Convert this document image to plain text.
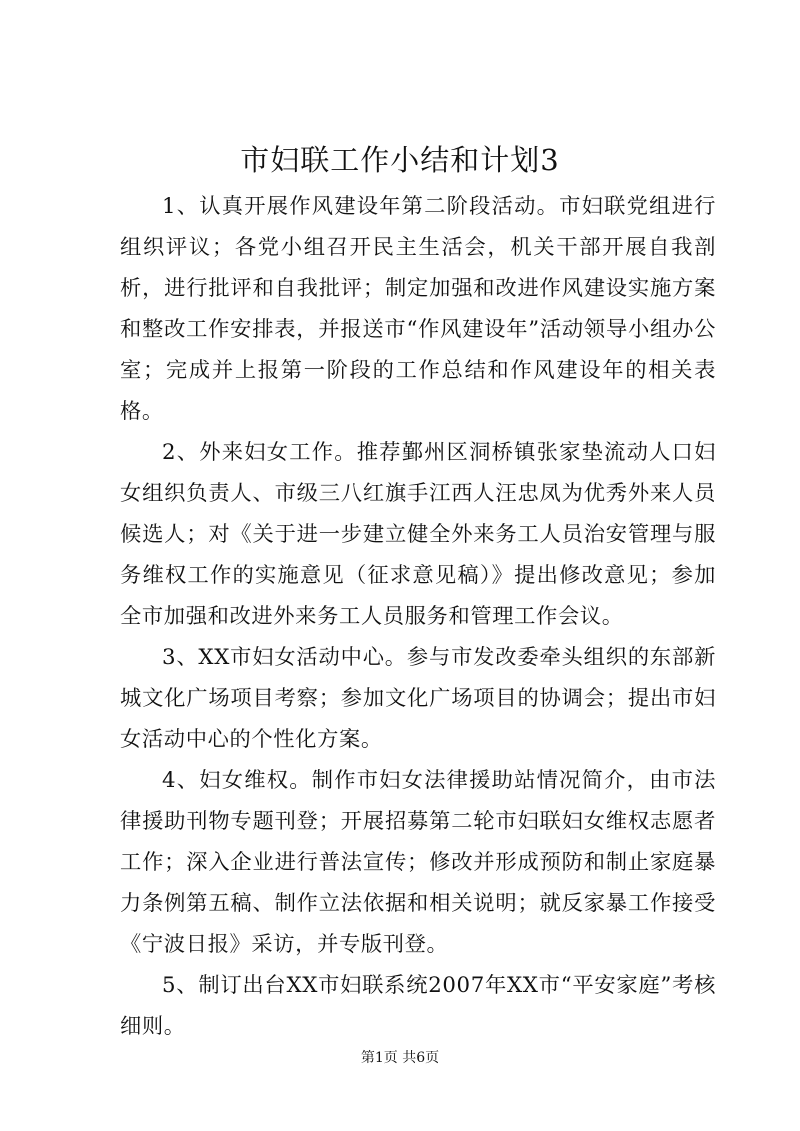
市妇联工作小结和计划3

1、认真开展作风建设年第二阶段活动。市妇联党组进行组织评议；各党小组召开民主生活会，机关干部开展自我剖析，进行批评和自我批评；制定加强和改进作风建设实施方案和整改工作安排表，并报送市“作风建设年”活动领导小组办公室；完成并上报第一阶段的工作总结和作风建设年的相关表格。

2、外来妇女工作。推荐鄞州区洞桥镇张家垫流动人口妇女组织负责人、市级三八红旗手江西人汪忠凤为优秀外来人员候选人；对《关于进一步建立健全外来务工人员治安管理与服务维权工作的实施意见（征求意见稿）》提出修改意见；参加全市加强和改进外来务工人员服务和管理工作会议。

3、XX市妇女活动中心。参与市发改委牵头组织的东部新城文化广场项目考察；参加文化广场项目的协调会；提出市妇女活动中心的个性化方案。

4、妇女维权。制作市妇女法律援助站情况简介，由市法律援助刊物专题刊登；开展招募第二轮市妇联妇女维权志愿者工作；深入企业进行普法宣传；修改并形成预防和制止家庭暴力条例第五稿、制作立法依据和相关说明；就反家暴工作接受《宁波日报》采访，并专版刊登。

5、制订出台XX市妇联系统2007年XX市“平安家庭”考核细则。

第1页 共6页
